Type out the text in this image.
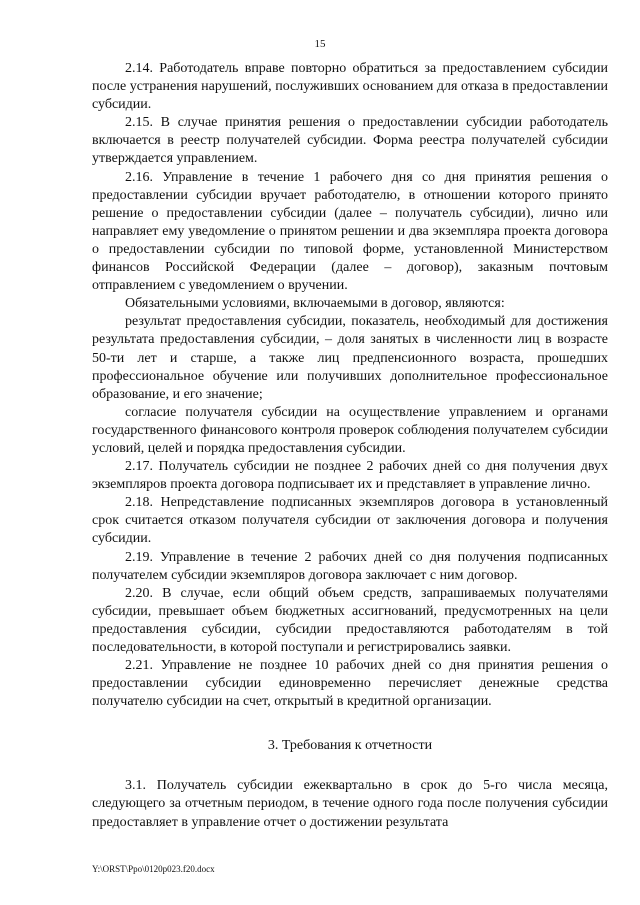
15

2.14. Работодатель вправе повторно обратиться за предоставлением субсидии после устранения нарушений, послуживших основанием для отказа в предоставлении субсидии.

2.15. В случае принятия решения о предоставлении субсидии работодатель включается в реестр получателей субсидии. Форма реестра получателей субсидии утверждается управлением.

2.16. Управление в течение 1 рабочего дня со дня принятия решения о предоставлении субсидии вручает работодателю, в отношении которого принято решение о предоставлении субсидии (далее – получатель субсидии), лично или направляет ему уведомление о принятом решении и два экземпляра проекта договора о предоставлении субсидии по типовой форме, установленной Министерством финансов Российской Федерации (далее – договор), заказным почтовым отправлением с уведомлением о вручении.

Обязательными условиями, включаемыми в договор, являются:

результат предоставления субсидии, показатель, необходимый для достижения результата предоставления субсидии, – доля занятых в численности лиц в возрасте 50-ти лет и старше, а также лиц предпенсионного возраста, прошедших профессиональное обучение или получивших дополнительное профессиональное образование, и его значение;

согласие получателя субсидии на осуществление управлением и органами государственного финансового контроля проверок соблюдения получателем субсидии условий, целей и порядка предоставления субсидии.

2.17. Получатель субсидии не позднее 2 рабочих дней со дня получения двух экземпляров проекта договора подписывает их и представляет в управление лично.

2.18. Непредставление подписанных экземпляров договора в установленный срок считается отказом получателя субсидии от заключения договора и получения субсидии.

2.19. Управление в течение 2 рабочих дней со дня получения подписанных получателем субсидии экземпляров договора заключает с ним договор.

2.20. В случае, если общий объем средств, запрашиваемых получателями субсидии, превышает объем бюджетных ассигнований, предусмотренных на цели предоставления субсидии, субсидии предоставляются работодателям в той последовательности, в которой поступали и регистрировались заявки.

2.21. Управление не позднее 10 рабочих дней со дня принятия решения о предоставлении субсидии единовременно перечисляет денежные средства получателю субсидии на счет, открытый в кредитной организации.

3. Требования к отчетности

3.1. Получатель субсидии ежеквартально в срок до 5-го числа месяца, следующего за отчетным периодом, в течение одного года после получения субсидии предоставляет в управление отчет о достижении результата

Y:\ORST\Ppo\0120p023.f20.docx
